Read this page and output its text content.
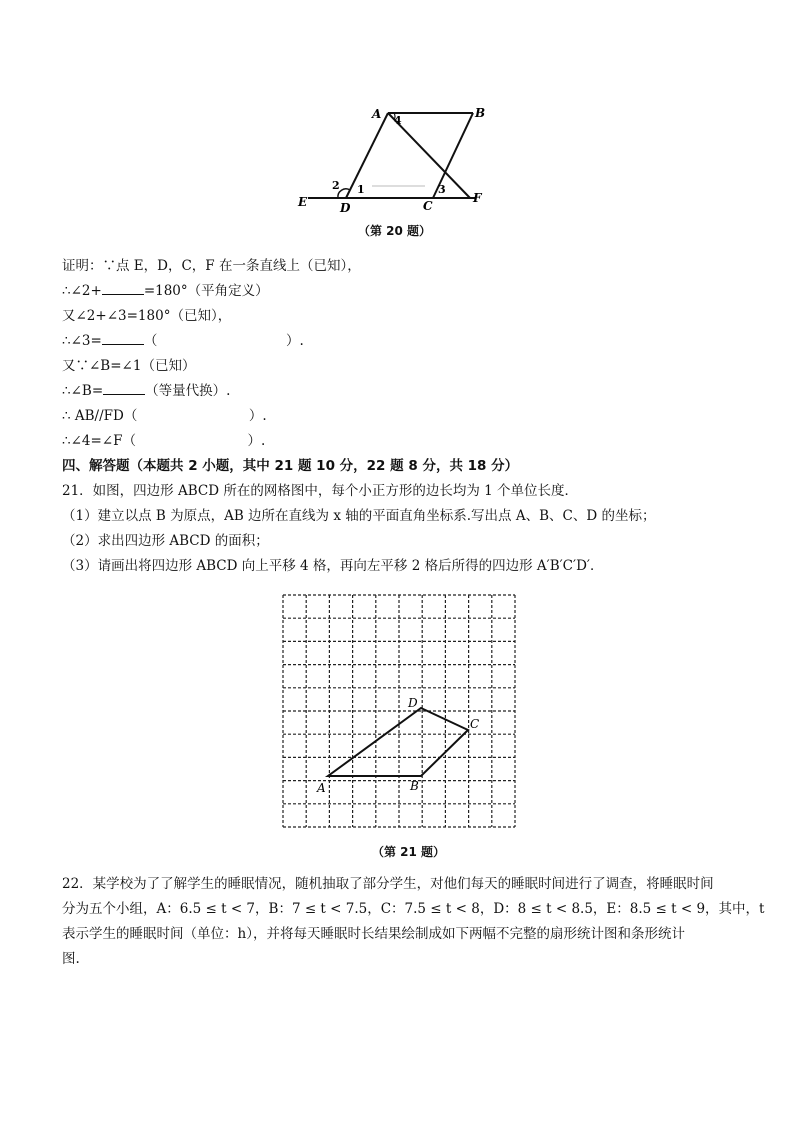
A	B
4
2 1	3
E	D	C
F
（第 20 题）
证明：∵点 E，D，C，F 在一条直线上（已知），
∴∠2+	=180°（平角定义）
又∠2+∠3=180°（已知），
∴∠3=	（                              ）.
又∵∠B=∠1（已知）
∴∠B=	（等量代换）.
∴ AB//FD（                          ）.
∴∠4=∠F（                          ）.
四、解答题（本题共 2 小题，其中 21 题 10 分，22 题 8 分，共 18 分）
21．如图，四边形 ABCD 所在的网格图中，每个小正方形的边长均为 1 个单位长度．
（1）建立以点 B 为原点，AB 边所在直线为 x 轴的平面直角坐标系.写出点 A、B、C、D 的坐标；
（2）求出四边形 ABCD 的面积；
（3）请画出将四边形 ABCD 向上平移 4 格，再向左平移 2 格后所得的四边形 A′B′C′D′．
A	B
C
D
（第 21 题）
22．某学校为了了解学生的睡眠情况，随机抽取了部分学生，对他们每天的睡眠时间进行了调查，将睡眠时间
分为五个小组，A：6.5 ≤ t < 7，B：7 ≤ t < 7.5，C：7.5 ≤ t < 8，D：8 ≤ t < 8.5，E：8.5 ≤ t < 9，其中，t
表示学生的睡眠时间（单位：h），并将每天睡眠时长结果绘制成如下两幅不完整的扇形统计图和条形统计
图.
